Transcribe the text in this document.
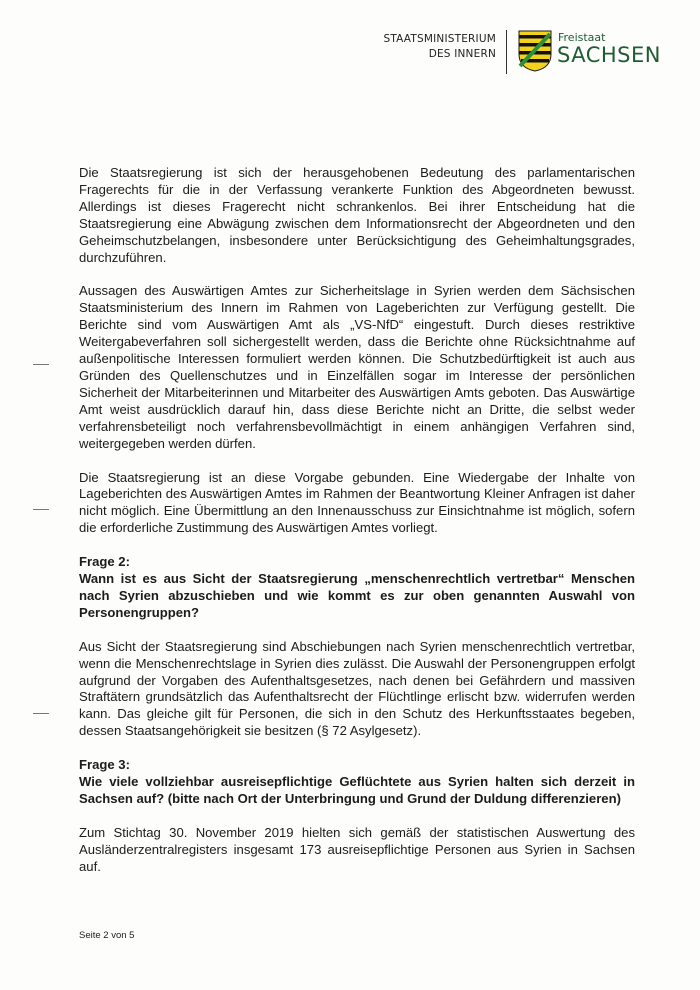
STAATSMINISTERIUM
DES INNERN
Freistaat
SACHSEN

Die Staatsregierung ist sich der herausgehobenen Bedeutung des parlamentarischen Fragerechts für die in der Verfassung verankerte Funktion des Abgeordneten bewusst. Allerdings ist dieses Fragerecht nicht schrankenlos. Bei ihrer Entscheidung hat die Staatsregierung eine Abwägung zwischen dem Informationsrecht der Abgeordneten und den Geheimschutzbelangen, insbesondere unter Berücksichtigung des Geheimhaltungsgrades, durchzuführen.

Aussagen des Auswärtigen Amtes zur Sicherheitslage in Syrien werden dem Sächsischen Staatsministerium des Innern im Rahmen von Lageberichten zur Verfügung gestellt. Die Berichte sind vom Auswärtigen Amt als „VS-NfD“ eingestuft. Durch dieses restriktive Weitergabeverfahren soll sichergestellt werden, dass die Berichte ohne Rücksichtnahme auf außenpolitische Interessen formuliert werden können. Die Schutzbedürftigkeit ist auch aus Gründen des Quellenschutzes und in Einzelfällen sogar im Interesse der persönlichen Sicherheit der Mitarbeiterinnen und Mitarbeiter des Auswärtigen Amts geboten. Das Auswärtige Amt weist ausdrücklich darauf hin, dass diese Berichte nicht an Dritte, die selbst weder verfahrensbeteiligt noch verfahrensbevollmächtigt in einem anhängigen Verfahren sind, weitergegeben werden dürfen.

Die Staatsregierung ist an diese Vorgabe gebunden. Eine Wiedergabe der Inhalte von Lageberichten des Auswärtigen Amtes im Rahmen der Beantwortung Kleiner Anfragen ist daher nicht möglich. Eine Übermittlung an den Innenausschuss zur Einsichtnahme ist möglich, sofern die erforderliche Zustimmung des Auswärtigen Amtes vorliegt.

Frage 2:
Wann ist es aus Sicht der Staatsregierung „menschenrechtlich vertretbar“ Menschen nach Syrien abzuschieben und wie kommt es zur oben genannten Auswahl von Personengruppen?

Aus Sicht der Staatsregierung sind Abschiebungen nach Syrien menschenrechtlich vertretbar, wenn die Menschenrechtslage in Syrien dies zulässt. Die Auswahl der Personengruppen erfolgt aufgrund der Vorgaben des Aufenthaltsgesetzes, nach denen bei Gefährdern und massiven Straftätern grundsätzlich das Aufenthaltsrecht der Flüchtlinge erlischt bzw. widerrufen werden kann. Das gleiche gilt für Personen, die sich in den Schutz des Herkunftsstaates begeben, dessen Staatsangehörigkeit sie besitzen (§ 72 Asylgesetz).

Frage 3:
Wie viele vollziehbar ausreisepflichtige Geflüchtete aus Syrien halten sich derzeit in Sachsen auf? (bitte nach Ort der Unterbringung und Grund der Duldung differenzieren)

Zum Stichtag 30. November 2019 hielten sich gemäß der statistischen Auswertung des Ausländerzentralregisters insgesamt 173 ausreisepflichtige Personen aus Syrien in Sachsen auf.

Seite 2 von 5
